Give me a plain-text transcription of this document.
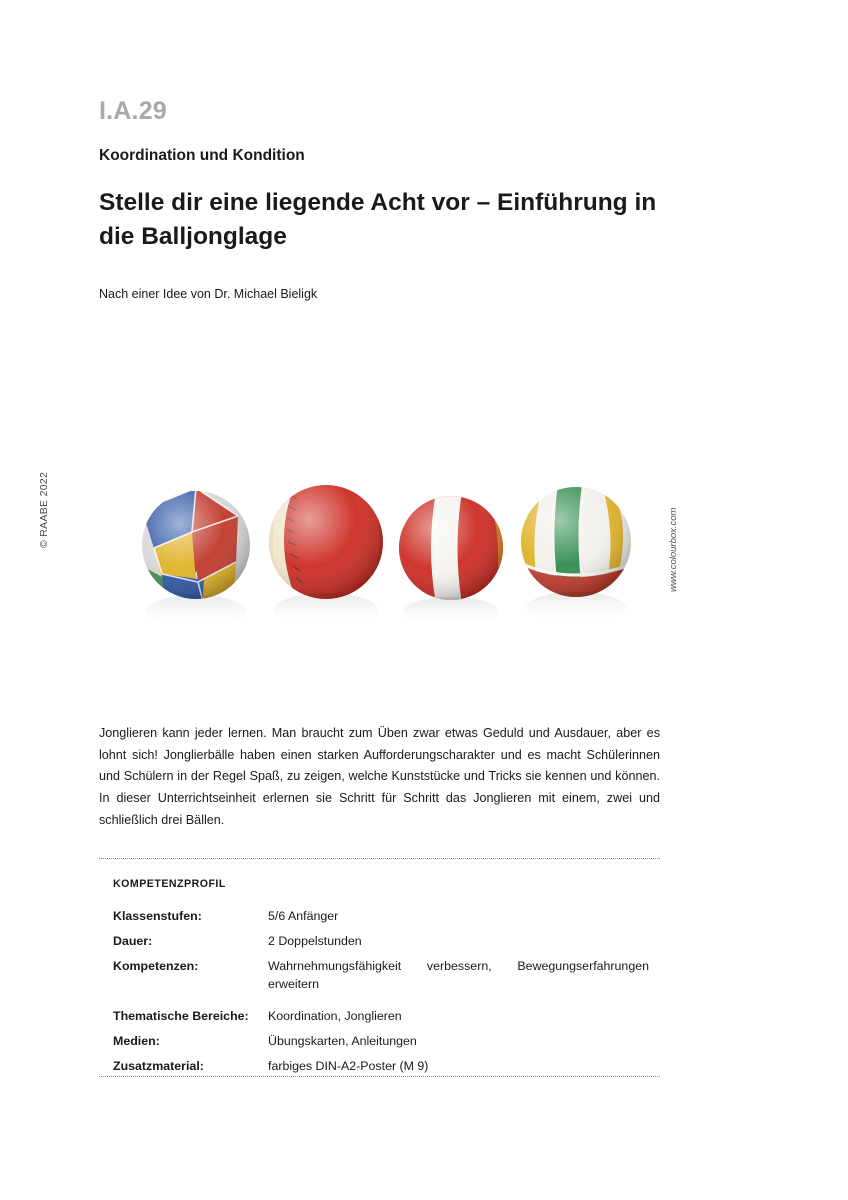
© RAABE 2022
I.A.29
Koordination und Kondition
Stelle dir eine liegende Acht vor – Einführung in die Balljonglage
Nach einer Idee von Dr. Michael Bieligk
www.colourbox.com
Jonglieren kann jeder lernen. Man braucht zum Üben zwar etwas Geduld und Ausdauer, aber es lohnt sich! Jonglierbälle haben einen starken Aufforderungscharakter und es macht Schülerinnen und Schülern in der Regel Spaß, zu zeigen, welche Kunststücke und Tricks sie kennen und können. In dieser Unterrichtseinheit erlernen sie Schritt für Schritt das Jonglieren mit einem, zwei und schließlich drei Bällen.
KOMPETENZPROFIL
Klassenstufen:	5/6 Anfänger
Dauer:	2 Doppelstunden
Kompetenzen:	Wahrnehmungsfähigkeit verbessern, Bewegungserfahrungen erweitern
Thematische Bereiche:	Koordination, Jonglieren
Medien:	Übungskarten, Anleitungen
Zusatzmaterial:	farbiges DIN-A2-Poster (M 9)
